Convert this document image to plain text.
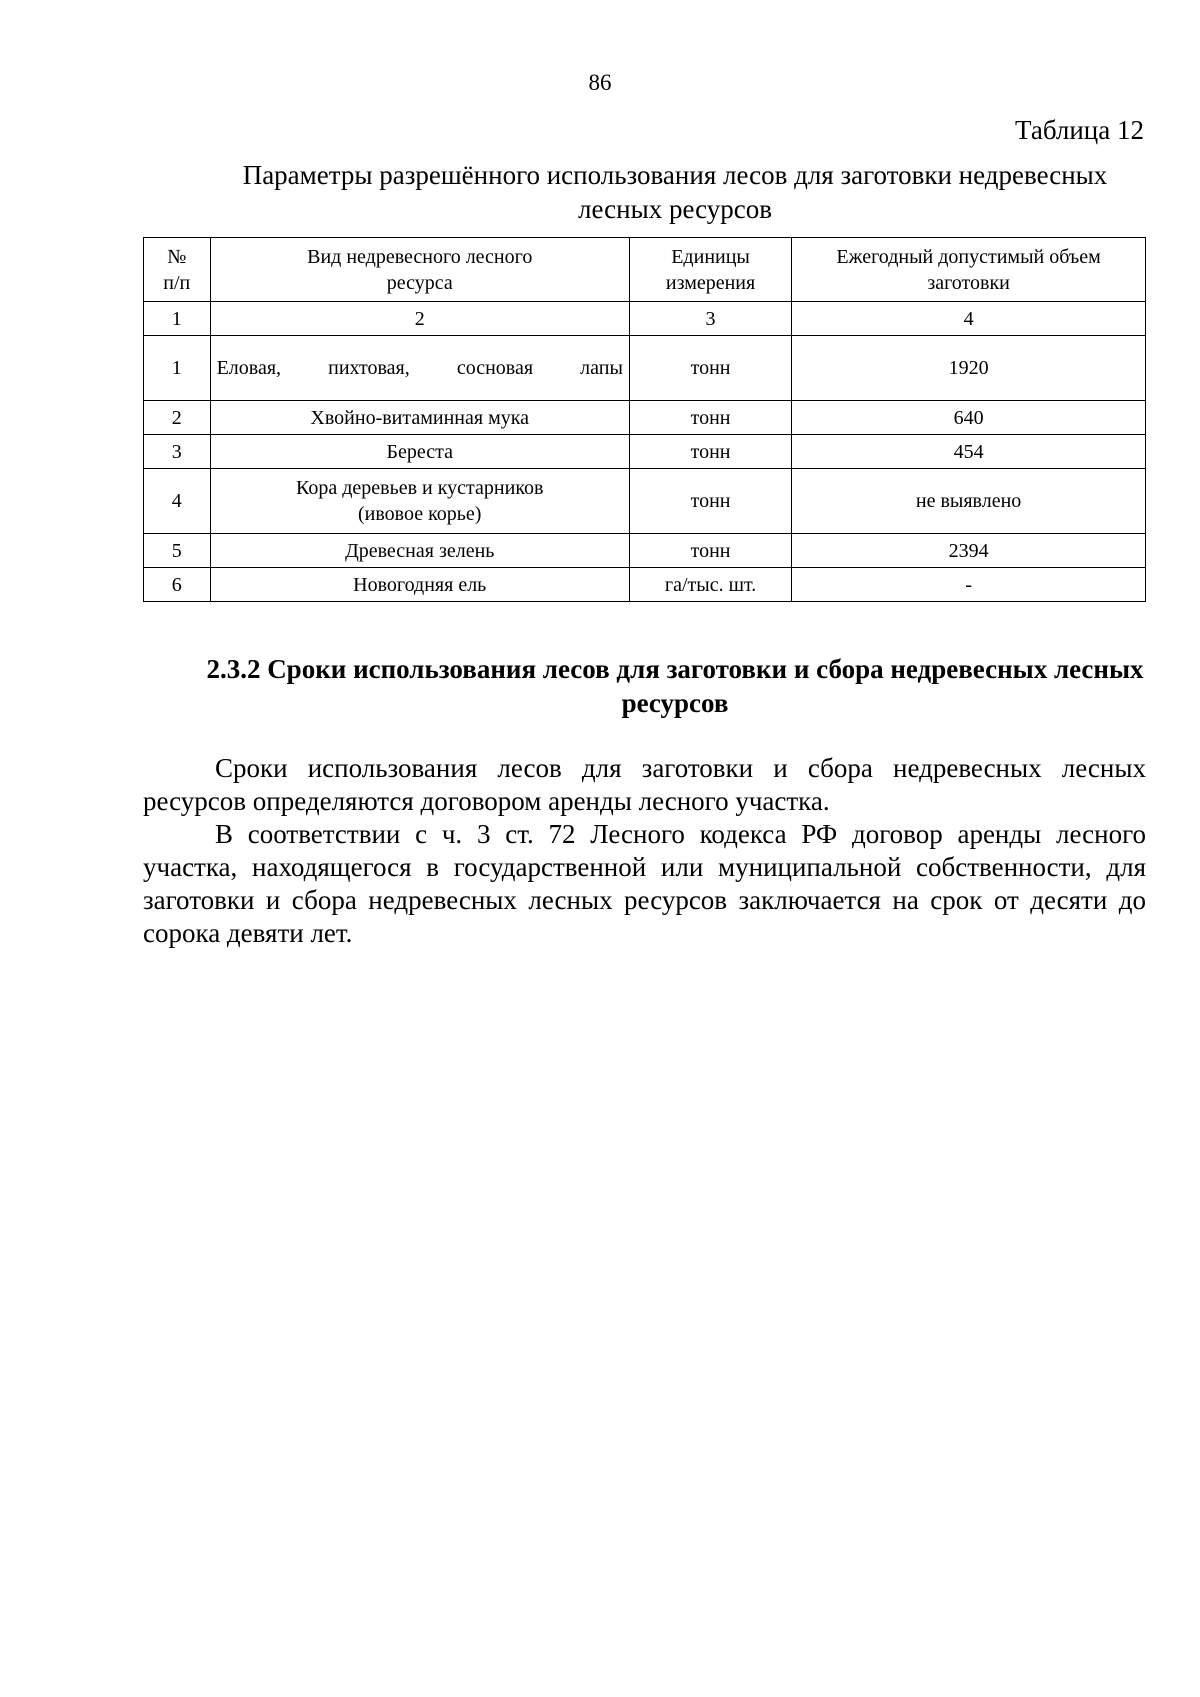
86
Таблица 12
Параметры разрешённого использования лесов для заготовки недревесных лесных ресурсов
№ п/п	Вид недревесного лесного ресурса	Единицы измерения	Ежегодный допустимый объем заготовки
1	2	3	4
1	Еловая, пихтовая, сосновая лапы	тонн	1920
2	Хвойно-витаминная мука	тонн	640
3	Береста	тонн	454
4	Кора деревьев и кустарников (ивовое корье)	тонн	не выявлено
5	Древесная зелень	тонн	2394
6	Новогодняя ель	га/тыс. шт.	-
2.3.2 Сроки использования лесов для заготовки и сбора недревесных лесных ресурсов

Сроки использования лесов для заготовки и сбора недревесных лесных ресурсов определяются договором аренды лесного участка.

В соответствии с ч. 3 ст. 72 Лесного кодекса РФ договор аренды лесного участка, находящегося в государственной или муниципальной собственности, для заготовки и сбора недревесных лесных ресурсов заключается на срок от десяти до сорока девяти лет.
